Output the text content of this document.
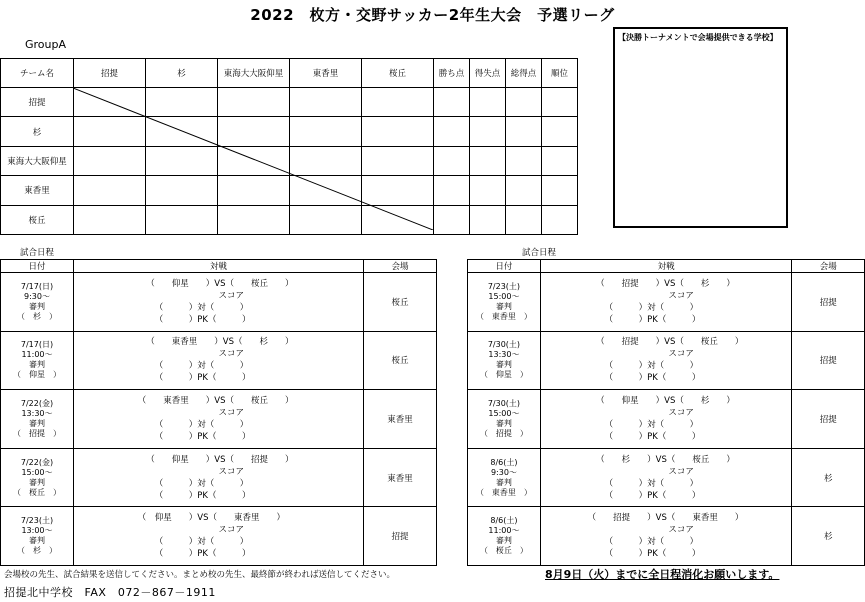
2022　枚方・交野サッカー2年生大会　予選リーグ
GroupA
チーム名	招提	杉	東海大大阪仰星	東香里	桜丘	勝ち点	得失点	総得点	順位
招提									
杉									
東海大大阪仰星									
東香里									
桜丘									
【決勝トーナメントで会場提供できる学校】
試合日程	試合日程
日付	対戦	会場

7/17(日)
9:30～
審判
（　杉　）	　　　　　　　　　（　　仰星　　）VS（　　桜丘　　）
　　　　　　　　　　　　　　　　　スコア
　　　　　　　　　　（　　　）対（　　　）
　　　　　　　　　　（　　　）PK（　　　）	桜丘

7/17(日)
11:00～
審判
（　仰星　）	　　　　　　　　　（　　東香里　　）VS（　　杉　　）
　　　　　　　　　　　　　　　　　スコア
　　　　　　　　　　（　　　）対（　　　）
　　　　　　　　　　（　　　）PK（　　　）	桜丘

7/22(金)
13:30～
審判
（　招提　）	　　　　　　　　（　　東香里　　）VS（　　桜丘　　）
　　　　　　　　　　　　　　　　　スコア
　　　　　　　　　　（　　　）対（　　　）
　　　　　　　　　　（　　　）PK（　　　）	東香里

7/22(金)
15:00～
審判
（　桜丘　）	　　　　　　　　　（　　仰星　　）VS（　　招提　　）
　　　　　　　　　　　　　　　　　スコア
　　　　　　　　　　（　　　）対（　　　）
　　　　　　　　　　（　　　）PK（　　　）	東香里

7/23(土)
13:00～
審判
（　杉　）	　　　　　　　　（　仰星　　）VS（　　東香里　　）
　　　　　　　　　　　　　　　　　スコア
　　　　　　　　　　（　　　）対（　　　）
　　　　　　　　　　（　　　）PK（　　　）	招提
日付	対戦	会場

7/23(土)
15:00～
審判
（　東香里　）	　　　　　　　（　　招提　　）VS（　　杉　　）
　　　　　　　　　　　　　　　スコア
　　　　　　　　（　　　）対（　　　）
　　　　　　　　（　　　）PK（　　　）	招提

7/30(土)
13:30～
審判
（　仰星　）	　　　　　　　（　　招提　　）VS（　　桜丘　　）
　　　　　　　　　　　　　　　スコア
　　　　　　　　（　　　）対（　　　）
　　　　　　　　（　　　）PK（　　　）	招提

7/30(土)
15:00～
審判
（　招提　）	　　　　　　　（　　仰星　　）VS（　　杉　　）
　　　　　　　　　　　　　　　スコア
　　　　　　　　（　　　）対（　　　）
　　　　　　　　（　　　）PK（　　　）	招提

8/6(土)
9:30～
審判
（　東香里　）	　　　　　　　（　　杉　　）VS（　　桜丘　　）
　　　　　　　　　　　　　　　スコア
　　　　　　　　（　　　）対（　　　）
　　　　　　　　（　　　）PK（　　　）	杉

8/6(土)
11:00～
審判
（　桜丘　）	　　　　　　（　　招提　　）VS（　　東香里　　）
　　　　　　　　　　　　　　　スコア
　　　　　　　　（　　　）対（　　　）
　　　　　　　　（　　　）PK（　　　）	杉
会場校の先生、試合結果を送信してください。まとめ校の先生、最終節が終われば送信してください。	8月9日（火）までに全日程消化お願いします。
招提北中学校　FAX　072－867－1911
